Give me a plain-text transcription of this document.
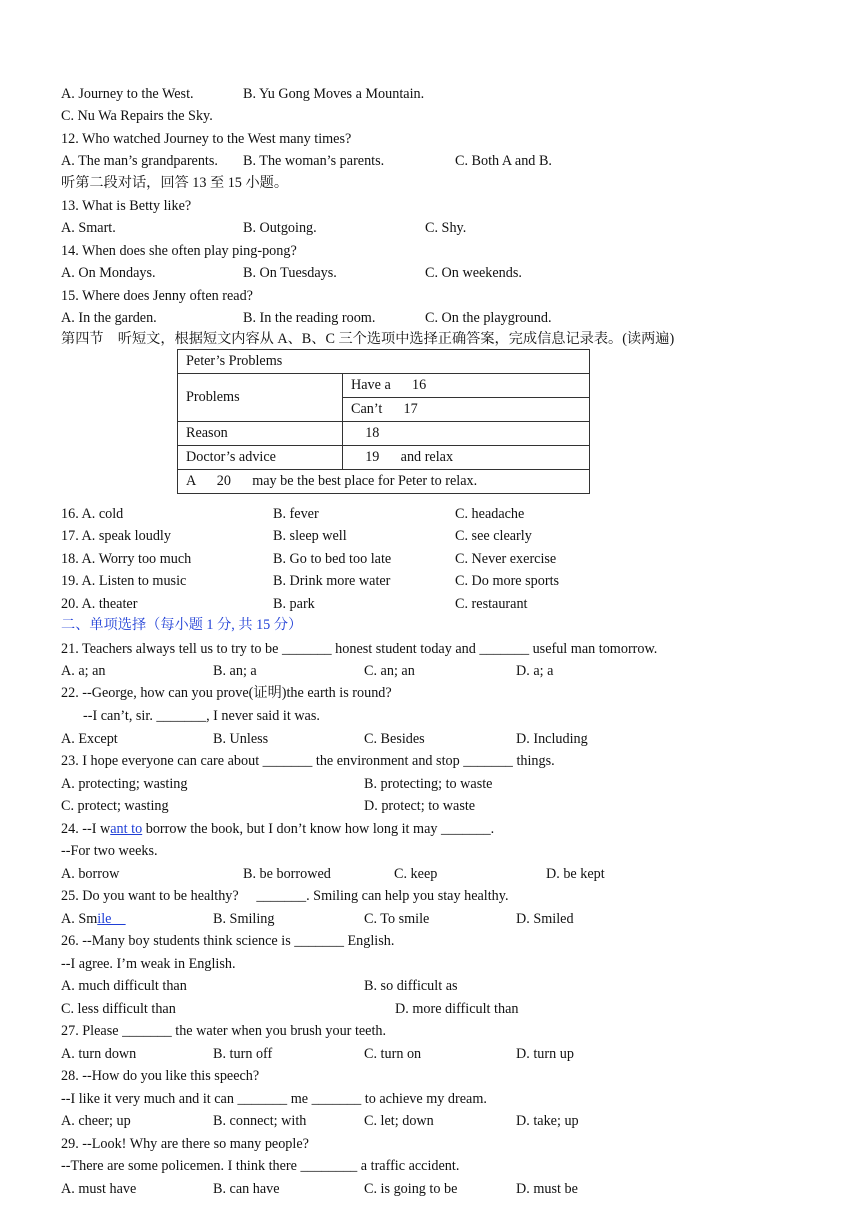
A. Journey to the West.	B. Yu Gong Moves a Mountain.
C. Nu Wa Repairs the Sky.
12. Who watched Journey to the West many times?
A. The man’s grandparents. B. The woman’s parents.	C. Both A and B.
听第二段对话，回答 13 至 15 小题。
13. What is Betty like?
A. Smart.	B. Outgoing.	C. Shy.
14. When does she often play ping-pong?
A. On Mondays.	B. On Tuesdays.	C. On weekends.
15. Where does Jenny often read?
A. In the garden.	B. In the reading room.	C. On the playground.
第四节　听短文，根据短文内容从 A、B、C 三个选项中选择正确答案，完成信息记录表。(读两遍)
Peter’s Problems	
Problems	Have a      16
	Can’t      17
Reason	18
Doctor’s advice	19      and relax
A      20      may be the best place for Peter to relax.	
16. A. cold	B. fever	C. headache
17. A. speak loudly	B. sleep well	C. see clearly
18. A. Worry too much	B. Go to bed too late	C. Never exercise
19. A. Listen to music	B. Drink more water	C. Do more sports
20. A. theater	B. park	C. restaurant
二、单项选择（每小题 1 分, 共 15 分）
21. Teachers always tell us to try to be _______ honest student today and _______ useful man tomorrow.
A. a; an	B. an; a	C. an; an	D. a; a
22. --George, how can you prove(证明)the earth is round?
--I can’t, sir. _______, I never said it was.
A. Except	B. Unless	C. Besides	D. Including
23. I hope everyone can care about _______ the environment and stop _______ things.
A. protecting; wasting	B. protecting; to waste
C. protect; wasting	D. protect; to waste
24. --I want to borrow the book, but I don’t know how long it may _______.
--For two weeks.
A. borrow	B. be borrowed	C. keep	D. be kept
25. Do you want to be healthy?     _______. Smiling can help you stay healthy.
A. Smile	B. Smiling	C. To smile	D. Smiled
26. --Many boy students think science is _______ English.
--I agree. I’m weak in English.
A. much difficult than	B. so difficult as
C. less difficult than	D. more difficult than
27. Please _______ the water when you brush your teeth.
A. turn down	B. turn off	C. turn on	D. turn up
28. --How do you like this speech?
--I like it very much and it can _______ me _______ to achieve my dream.
A. cheer; up	B. connect; with	C. let; down	D. take; up
29. --Look! Why are there so many people?
--There are some policemen. I think there ________ a traffic accident.
A. must have	B. can have	C. is going to be	D. must be
